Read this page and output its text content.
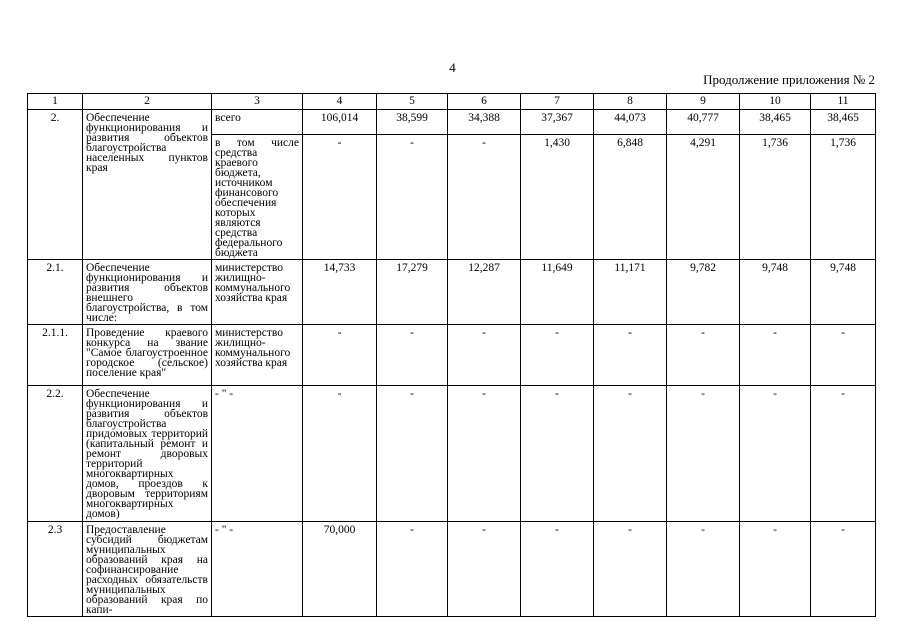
4
Продолжение приложения № 2
1	2	3	4	5	6	7	8	9	10	11
2.	Обеспечение функционирования и развития объектов благоустройства населенных пунктов края	всего	106,014	38,599	34,388	37,367	44,073	40,777	38,465	38,465
		в том числе средства краевого бюджета, источником финансового обеспечения которых являются средства федерального бюджета	-	-	-	1,430	6,848	4,291	1,736	1,736
2.1.	Обеспечение функционирования и развития объектов внешнего благоустройства, в том числе:	министерство жилищно-коммунального хозяйства края	14,733	17,279	12,287	11,649	11,171	9,782	9,748	9,748
2.1.1.	Проведение краевого конкурса на звание "Самое благоустроенное городское (сельское) поселение края"	министерство жилищно-коммунального хозяйства края	-	-	-	-	-	-	-	-
2.2.	Обеспечение функционирования и развития объектов благоустройства придомовых территорий (капитальный ремонт и ремонт дворовых территорий многоквартирных домов, проездов к дворовым территориям многоквартирных домов)	- " -	-	-	-	-	-	-	-	-
2.3	Предоставление субсидий бюджетам муниципальных образований края на софинансирование расходных обязательств муниципальных образований края по капи-	- " -	70,000	-	-	-	-	-	-	-
